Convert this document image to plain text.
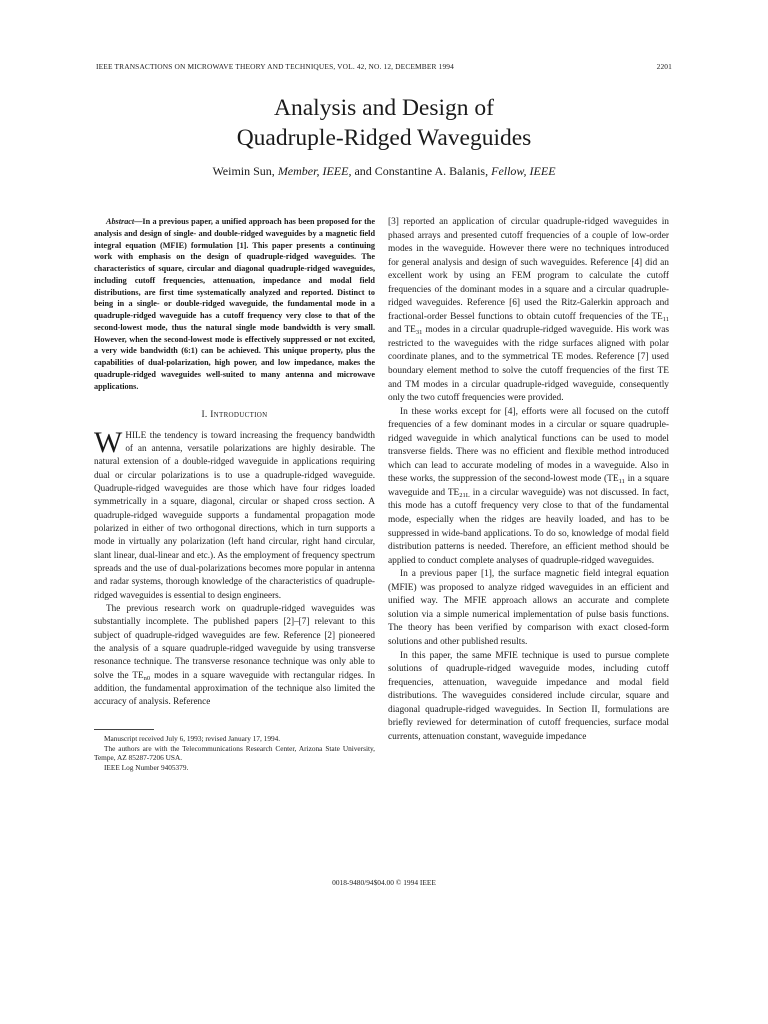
IEEE TRANSACTIONS ON MICROWAVE THEORY AND TECHNIQUES, VOL. 42, NO. 12, DECEMBER 1994	2201
Analysis and Design of
Quadruple-Ridged Waveguides
Weimin Sun, Member, IEEE, and Constantine A. Balanis, Fellow, IEEE

Abstract—In a previous paper, a unified approach has been proposed for the analysis and design of single- and double-ridged waveguides by a magnetic field integral equation (MFIE) formulation [1]. This paper presents a continuing work with emphasis on the design of quadruple-ridged waveguides. The characteristics of square, circular and diagonal quadruple-ridged waveguides, including cutoff frequencies, attenuation, impedance and modal field distributions, are first time systematically analyzed and reported. Distinct to being in a single- or double-ridged waveguide, the fundamental mode in a quadruple-ridged waveguide has a cutoff frequency very close to that of the second-lowest mode, thus the natural single mode bandwidth is very small. However, when the second-lowest mode is effectively suppressed or not excited, a very wide bandwidth (6:1) can be achieved. This unique property, plus the capabilities of dual-polarization, high power, and low impedance, makes the quadruple-ridged waveguides well-suited to many antenna and microwave applications.

I. Introduction

WHILE the tendency is toward increasing the frequency bandwidth of an antenna, versatile polarizations are highly desirable. The natural extension of a double-ridged waveguide in applications requiring dual or circular polarizations is to use a quadruple-ridged waveguide. Quadruple-ridged waveguides are those which have four ridges loaded symmetrically in a square, diagonal, circular or shaped cross section. A quadruple-ridged waveguide supports a fundamental propagation mode polarized in either of two orthogonal directions, which in turn supports a mode in virtually any polarization (left hand circular, right hand circular, slant linear, dual-linear and etc.). As the employment of frequency spectrum spreads and the use of dual-polarizations becomes more popular in antenna and radar systems, thorough knowledge of the characteristics of quadruple-ridged waveguides is essential to design engineers.

The previous research work on quadruple-ridged waveguides was substantially incomplete. The published papers [2]–[7] relevant to this subject of quadruple-ridged waveguides are few. Reference [2] pioneered the analysis of a square quadruple-ridged waveguide by using transverse resonance technique. The transverse resonance technique was only able to solve the $TE_{n0}$ modes in a square waveguide with rectangular ridges. In addition, the fundamental approximation of the technique also limited the accuracy of analysis. Reference

Manuscript received July 6, 1993; revised January 17, 1994.

The authors are with the Telecommunications Research Center, Arizona State University, Tempe, AZ 85287-7206 USA.

IEEE Log Number 9405379.

[3] reported an application of circular quadruple-ridged waveguides in phased arrays and presented cutoff frequencies of a couple of low-order modes in the waveguide. However there were no techniques introduced for general analysis and design of such waveguides. Reference [4] did an excellent work by using an FEM program to calculate the cutoff frequencies of the dominant modes in a square and a circular quadruple-ridged waveguides. Reference [6] used the Ritz-Galerkin approach and fractional-order Bessel functions to obtain cutoff frequencies of the $TE_{11}$ and $TE_{31}$ modes in a circular quadruple-ridged waveguide. His work was restricted to the waveguides with the ridge surfaces aligned with polar coordinate planes, and to the symmetrical TE modes. Reference [7] used boundary element method to solve the cutoff frequencies of the first TE and TM modes in a circular quadruple-ridged waveguide, consequently only the two cutoff frequencies were provided.

In these works except for [4], efforts were all focused on the cutoff frequencies of a few dominant modes in a circular or square quadruple-ridged waveguide in which analytical functions can be used to model transverse fields. There was no efficient and flexible method introduced which can lead to accurate modeling of modes in a waveguide. Also in these works, the suppression of the second-lowest mode ($TE_{11}$ in a square waveguide and $TE_{21L}$ in a circular waveguide) was not discussed. In fact, this mode has a cutoff frequency very close to that of the fundamental mode, especially when the ridges are heavily loaded, and has to be suppressed in wide-band applications. To do so, knowledge of modal field distribution patterns is needed. Therefore, an efficient method should be applied to conduct complete analyses of quadruple-ridged waveguides.

In a previous paper [1], the surface magnetic field integral equation (MFIE) was proposed to analyze ridged waveguides in an efficient and unified way. The MFIE approach allows an accurate and complete solution via a simple numerical implementation of pulse basis functions. The theory has been verified by comparison with exact closed-form solutions and other published results.

In this paper, the same MFIE technique is used to pursue complete solutions of quadruple-ridged waveguide modes, including cutoff frequencies, attenuation, waveguide impedance and modal field distributions. The waveguides considered include circular, square and diagonal quadruple-ridged waveguides. In Section II, formulations are briefly reviewed for determination of cutoff frequencies, surface modal currents, attenuation constant, waveguide impedance

0018-9480/94$04.00 © 1994 IEEE
